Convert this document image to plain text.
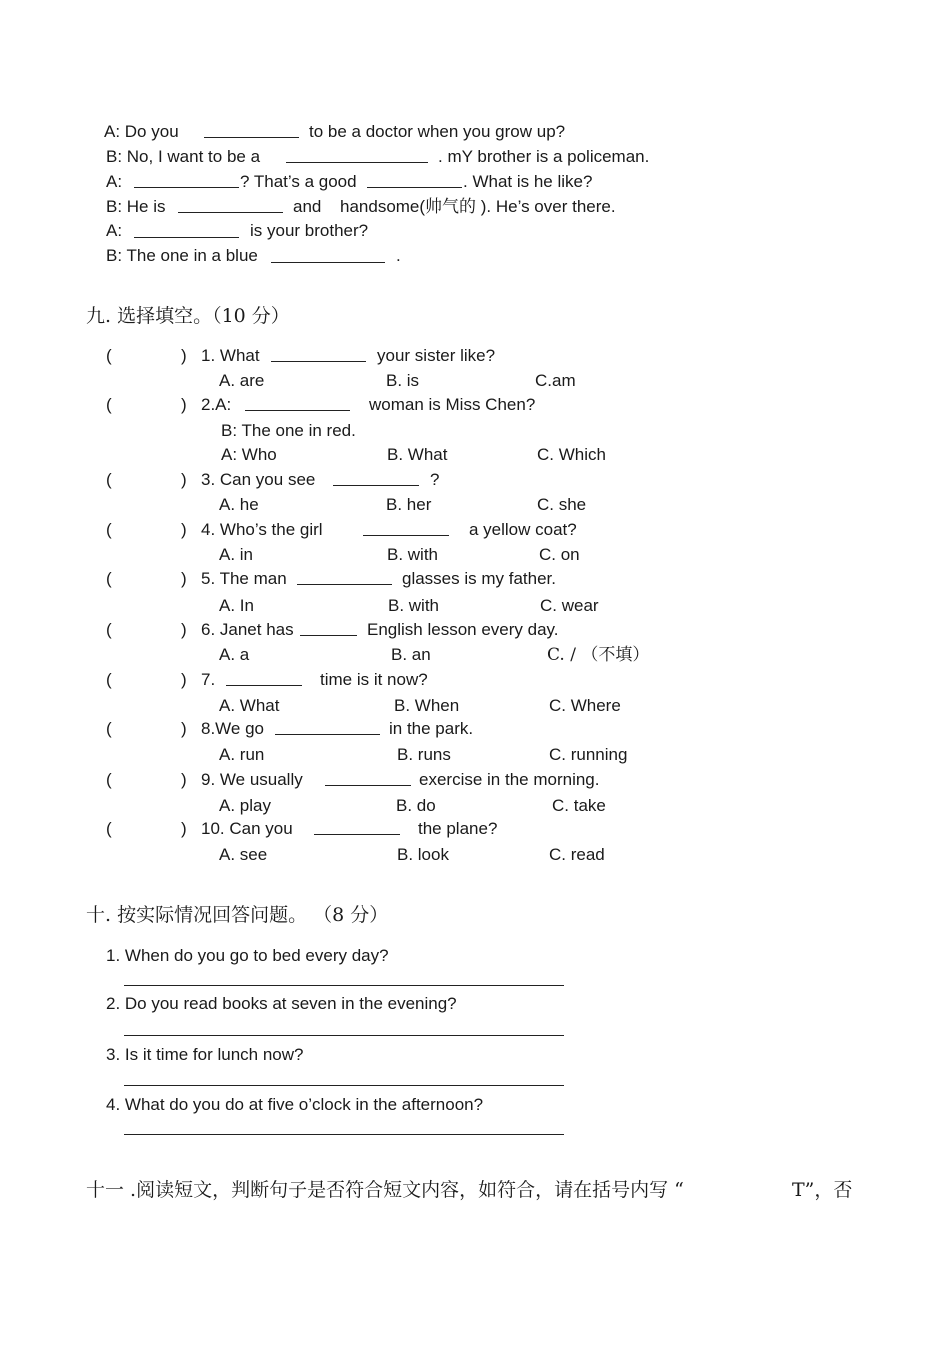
A: Do you	to be a doctor when you grow up?
B: No, I want to be a	. mY brother is a policeman.
A:	? That’s a good	. What is he like?
B: He is	and handsome(帅气的 ). He’s over there.
A:	is your brother?
B: The one in a blue	.
九. 选择填空。（10 分）
(	) 1. What	your sister like?
A. are	B. is	C.am
(	) 2.A:	woman is Miss Chen?
B: The one in red.
A: Who	B. What	C. Which
(	) 3. Can you see	?
A. he	B. her	C. she
(	) 4. Who’s the girl	a yellow coat?
A. in	B. with	C. on
(	) 5. The man	glasses is my father.
A. In	B. with	C. wear
(	) 6. Janet has	English lesson every day.
A. a	B. an	C. / （不填）
(	) 7.	time is it now?
A. What	B. When	C. Where
(	) 8.We go	in the park.
A. run	B. runs	C. running
(	) 9. We usually	exercise in the morning.
A. play	B. do	C. take
(	) 10. Can you	the plane?
A. see	B. look	C. read
十. 按实际情况回答问题。 （8 分）
1. When do you go to bed every day?
2. Do you read books at seven in the evening?
3. Is it time for lunch now?
4. What do you do at five o’clock in the afternoon?
十一 .阅读短文，判断句子是否符合短文内容，如符合，请在括号内写 “	T”，否
